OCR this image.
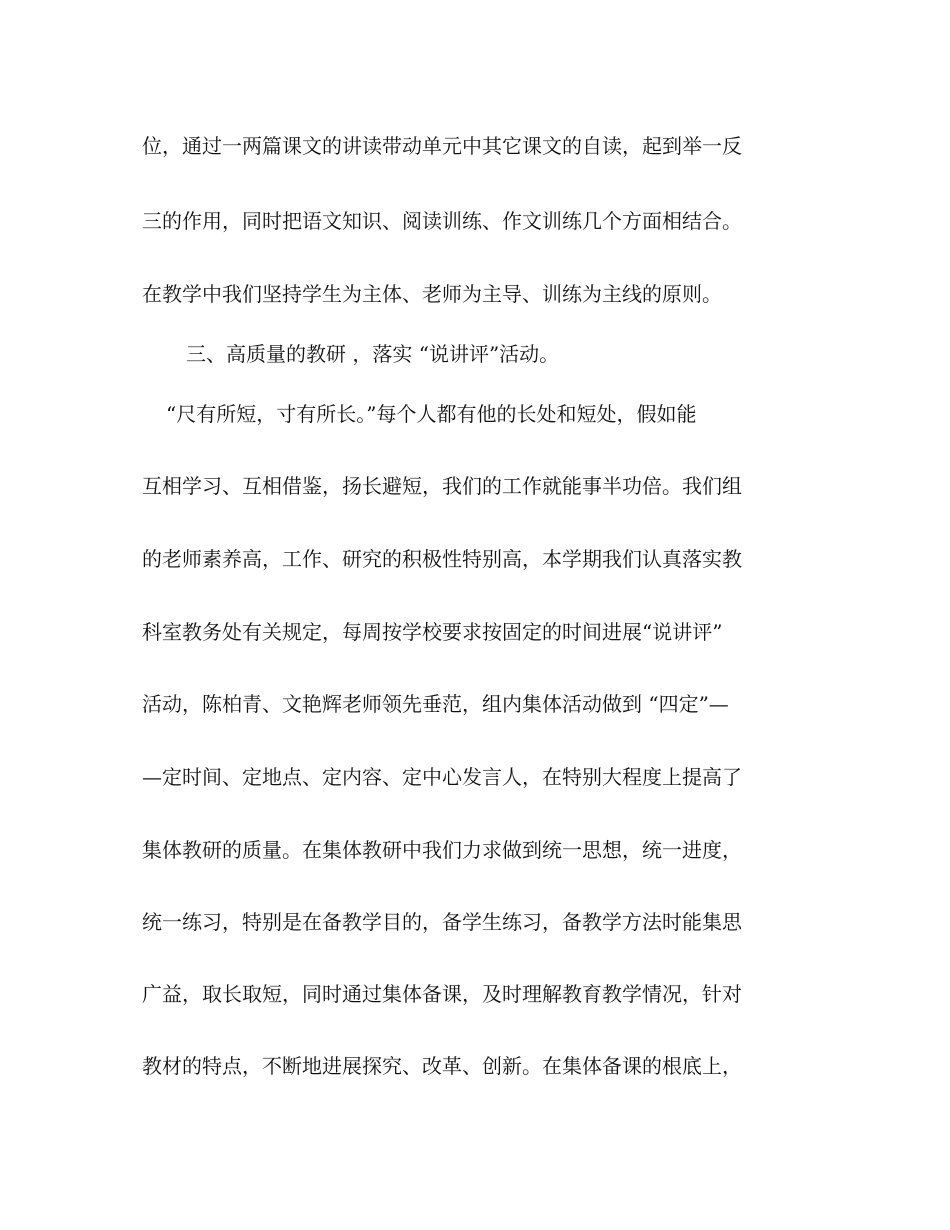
位，通过一两篇课文的讲读带动单元中其它课文的自读，起到举一反

三的作用，同时把语文知识、阅读训练、作文训练几个方面相结合。

在教学中我们坚持学生为主体、老师为主导、训练为主线的原则。

三、高质量的教研 ，落实 “说讲评”活动。

“尺有所短，寸有所长。”每个人都有他的长处和短处，假如能

互相学习、互相借鉴，扬长避短，我们的工作就能事半功倍。我们组

的老师素养高，工作、研究的积极性特别高，本学期我们认真落实教

科室教务处有关规定，每周按学校要求按固定的时间进展“说讲评”

活动，陈柏青、文艳辉老师领先垂范，组内集体活动做到 “四定”—

—定时间、定地点、定内容、定中心发言人，在特别大程度上提高了

集体教研的质量。在集体教研中我们力求做到统一思想，统一进度，

统一练习，特别是在备教学目的，备学生练习，备教学方法时能集思

广益，取长取短，同时通过集体备课，及时理解教育教学情况，针对

教材的特点，不断地进展探究、改革、创新。在集体备课的根底上，
